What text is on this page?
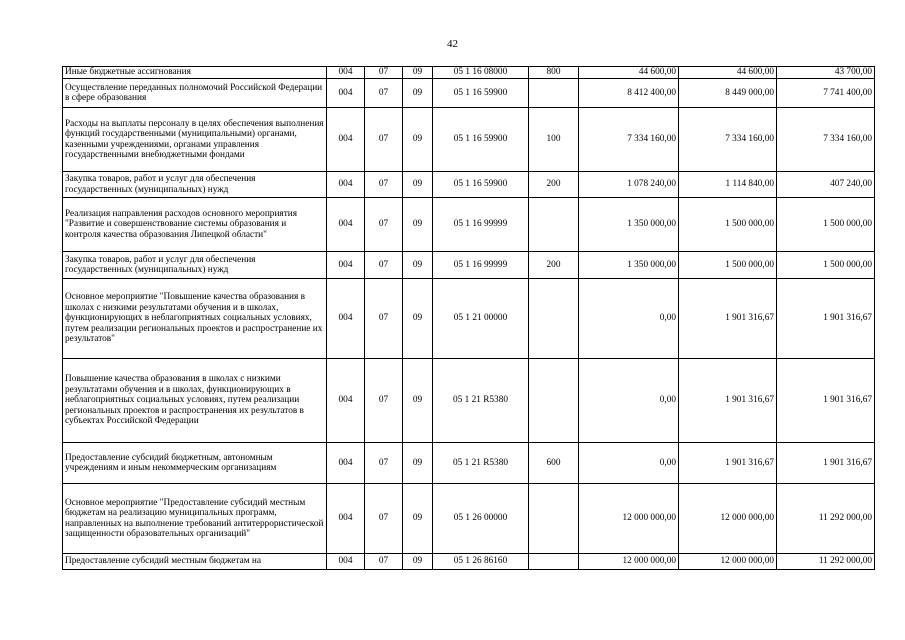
42
Иные бюджетные ассигнования	004	07	09	05 1 16 08000	800	44 600,00	44 600,00	43 700,00
Осуществление переданных полномочий Российской Федерации в сфере образования	004	07	09	05 1 16 59900		8 412 400,00	8 449 000,00	7 741 400,00
Расходы на выплаты персоналу в целях обеспечения выполнения функций государственными (муниципальными) органами, казенными учреждениями, органами управления государственными внебюджетными фондами	004	07	09	05 1 16 59900	100	7 334 160,00	7 334 160,00	7 334 160,00
Закупка товаров, работ и услуг для обеспечения государственных (муниципальных) нужд	004	07	09	05 1 16 59900	200	1 078 240,00	1 114 840,00	407 240,00
Реализация направления расходов основного мероприятия "Развитие и совершенствование системы образования и контроля качества образования Липецкой области"	004	07	09	05 1 16 99999		1 350 000,00	1 500 000,00	1 500 000,00
Закупка товаров, работ и услуг для обеспечения государственных (муниципальных) нужд	004	07	09	05 1 16 99999	200	1 350 000,00	1 500 000,00	1 500 000,00
Основное мероприятие "Повышение качества образования в школах с низкими результатами обучения и в школах, функционирующих в неблагоприятных социальных условиях, путем реализации региональных проектов и распространение их результатов"	004	07	09	05 1 21 00000		0,00	1 901 316,67	1 901 316,67
Повышение качества образования в школах с низкими результатами обучения и в школах, функционирующих в неблагоприятных социальных условиях, путем реализации региональных проектов и распространения их результатов в субъектах Российской Федерации	004	07	09	05 1 21 R5380		0,00	1 901 316,67	1 901 316,67
Предоставление субсидий бюджетным, автономным учреждениям и иным некоммерческим организациям	004	07	09	05 1 21 R5380	600	0,00	1 901 316,67	1 901 316,67
Основное мероприятие "Предоставление субсидий местным бюджетам на реализацию муниципальных программ, направленных на выполнение требований антитеррористической защищенности образовательных организаций"	004	07	09	05 1 26 00000		12 000 000,00	12 000 000,00	11 292 000,00
Предоставление субсидий местным бюджетам на	004	07	09	05 1 26 86160		12 000 000,00	12 000 000,00	11 292 000,00
